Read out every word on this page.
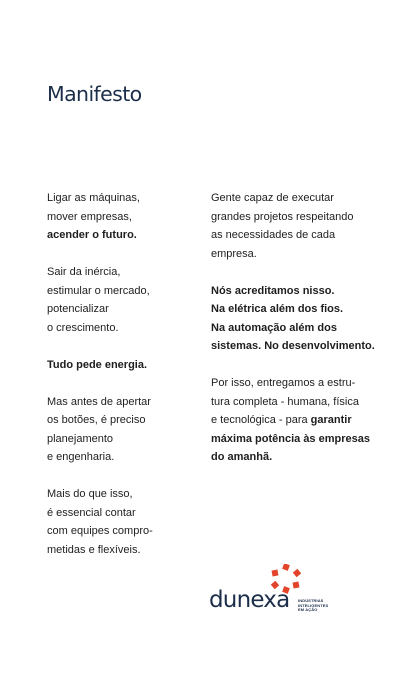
Manifesto

Ligar as máquinas,
mover empresas,
acender o futuro.

Sair da inércia,
estimular o mercado,
potencializar
o crescimento.

Tudo pede energia.

Mas antes de apertar
os botões, é preciso
planejamento
e engenharia.

Mais do que isso,
é essencial contar
com equipes compro-
metidas e flexíveis.

Gente capaz de executar
grandes projetos respeitando
as necessidades de cada
empresa.

Nós acreditamos nisso.
Na elétrica além dos fios.
Na automação além dos
sistemas. No desenvolvimento.

Por isso, entregamos a estru-
tura completa - humana, física
e tecnológica - para garantir
máxima potência às empresas
do amanhã.

dunexa INDÚSTRIAS
INTELIGENTES
EM AÇÃO
